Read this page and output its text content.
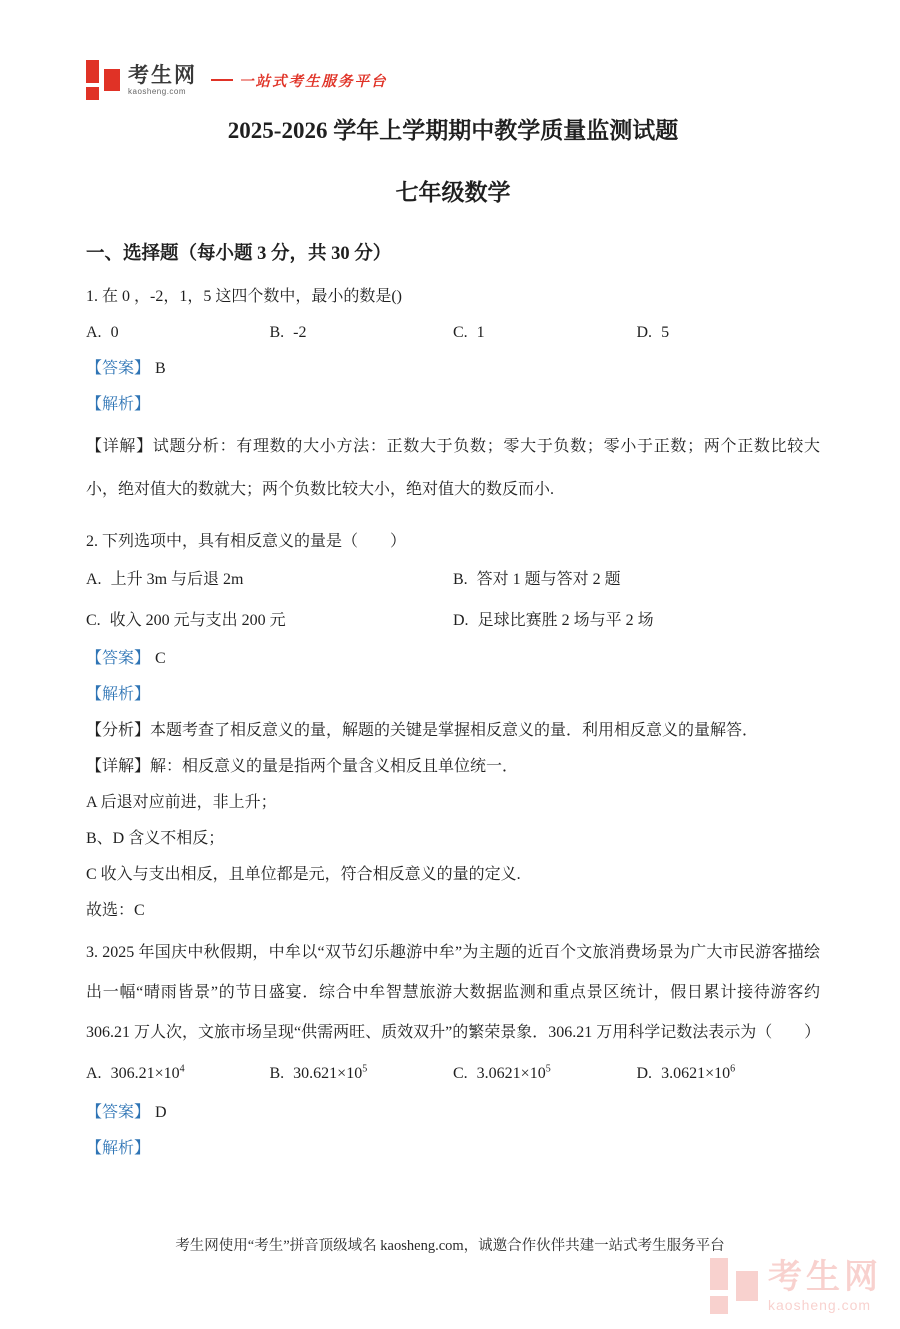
考生网
kaosheng.com
一站式考生服务平台
2025-2026 学年上学期期中教学质量监测试题
七年级数学
一、选择题（每小题 3 分，共 30 分）
1. 在 0 ，-2，1，5 这四个数中，最小的数是()
A. 0	B. -2	C. 1	D. 5
【答案】 B
【解析】
【详解】试题分析：有理数的大小方法：正数大于负数；零大于负数；零小于正数；两个正数比较大小，绝对值大的数就大；两个负数比较大小，绝对值大的数反而小.
2. 下列选项中，具有相反意义的量是（　　）
A. 上升 3m 与后退 2m	B. 答对 1 题与答对 2 题
C. 收入 200 元与支出 200 元	D. 足球比赛胜 2 场与平 2 场
【答案】 C
【解析】
【分析】本题考查了相反意义的量，解题的关键是掌握相反意义的量．利用相反意义的量解答．
【详解】解：相反意义的量是指两个量含义相反且单位统一．
A 后退对应前进，非上升；
B、D 含义不相反；
C 收入与支出相反，且单位都是元，符合相反意义的量的定义.
故选：C
3. 2025 年国庆中秋假期，中牟以“双节幻乐趣游中牟”为主题的近百个文旅消费场景为广大市民游客描绘出一幅“晴雨皆景”的节日盛宴．综合中牟智慧旅游大数据监测和重点景区统计，假日累计接待游客约 306.21 万人次，文旅市场呈现“供需两旺、质效双升”的繁荣景象．306.21 万用科学记数法表示为（　　）
A. $306.21\times 10^4$	B. $30.621\times 10^5$	C. $3.0621\times 10^5$	D. $3.0621\times 10^6$
【答案】 D
【解析】
考生网使用“考生”拼音顶级域名 kaosheng.com，诚邀合作伙伴共建一站式考生服务平台
考生网
kaosheng.com
